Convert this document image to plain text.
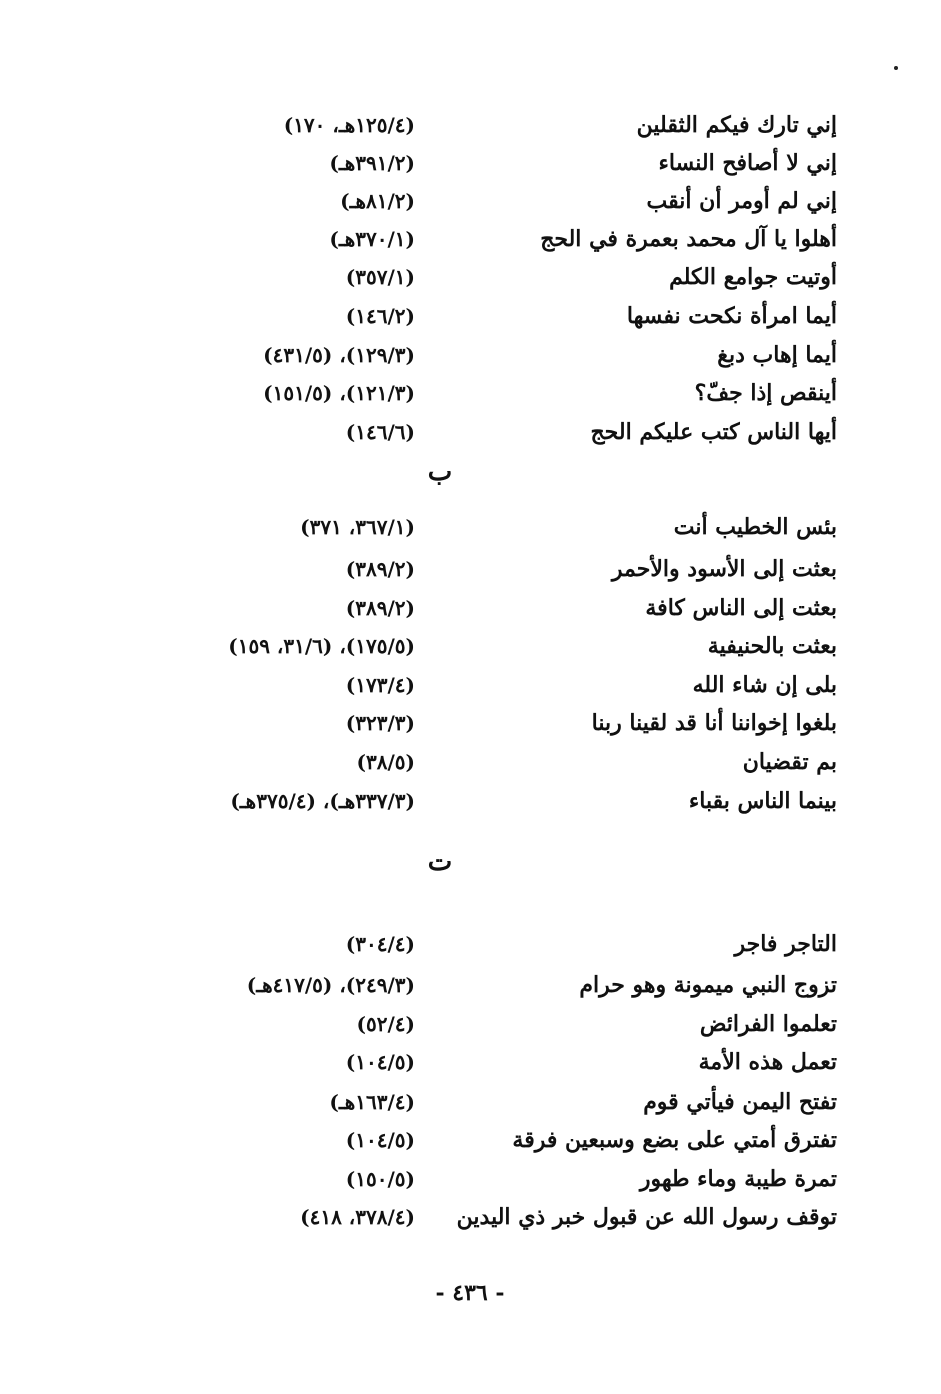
إني تارك فيكم الثقلين
(١٢٥/٤هـ، ١٧٠)
إني لا أصافح النساء
(٣٩١/٢هـ)
إني لم أومر أن أنقب
(٨١/٢هـ)
أهلوا يا آل محمد بعمرة في الحج
(٣٧٠/١هـ)
أوتيت جوامع الكلم
(٣٥٧/١)
أيما امرأة نكحت نفسها
(١٤٦/٢)
أيما إهاب دبغ
(١٢٩/٣)، (٤٣١/٥)
أينقص إذا جفّ؟
(١٢١/٣)، (١٥١/٥)
أيها الناس كتب عليكم الحج
(١٤٦/٦)
ب
بئس الخطيب أنت
(٣٦٧/١، ٣٧١)
بعثت إلى الأسود والأحمر
(٣٨٩/٢)
بعثت إلى الناس كافة
(٣٨٩/٢)
بعثت بالحنيفية
(١٧٥/٥)، (٣١/٦، ١٥٩)
بلى إن شاء الله
(١٧٣/٤)
بلغوا إخواننا أنا قد لقينا ربنا
(٣٢٣/٣)
بم تقضيان
(٣٨/٥)
بينما الناس بقباء
(٣٣٧/٣هـ)، (٣٧٥/٤هـ)
ت
التاجر فاجر
(٣٠٤/٤)
تزوج النبي ميمونة وهو حرام
(٢٤٩/٣)، (٤١٧/٥هـ)
تعلموا الفرائض
(٥٢/٤)
تعمل هذه الأمة
(١٠٤/٥)
تفتح اليمن فيأتي قوم
(١٦٣/٤هـ)
تفترق أمتي على بضع وسبعين فرقة
(١٠٤/٥)
تمرة طيبة وماء طهور
(١٥٠/٥)
توقف رسول الله عن قبول خبر ذي اليدين
(٣٧٨/٤، ٤١٨)
- ٤٣٦ -
